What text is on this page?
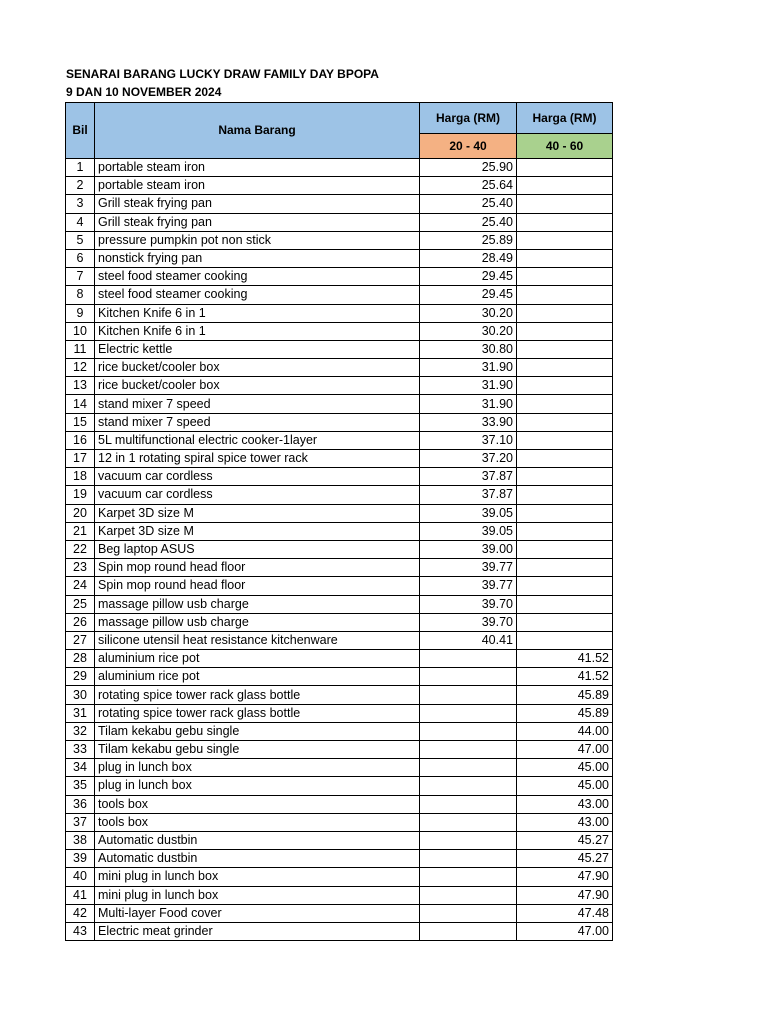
SENARAI BARANG LUCKY DRAW FAMILY DAY BPOPA
9 DAN 10 NOVEMBER 2024
Bil	Nama Barang	Harga (RM)	Harga (RM)
		20 - 40	40 - 60
1	portable steam iron	25.90	
2	portable steam iron	25.64	
3	Grill steak frying pan	25.40	
4	Grill steak frying pan	25.40	
5	pressure pumpkin pot non stick	25.89	
6	nonstick frying pan	28.49	
7	steel food steamer cooking	29.45	
8	steel food steamer cooking	29.45	
9	Kitchen Knife 6 in 1	30.20	
10	Kitchen Knife 6 in 1	30.20	
11	Electric kettle	30.80	
12	rice bucket/cooler box	31.90	
13	rice bucket/cooler box	31.90	
14	stand mixer 7 speed	31.90	
15	stand mixer 7 speed	33.90	
16	5L multifunctional electric cooker-1layer	37.10	
17	12 in 1 rotating spiral spice tower rack	37.20	
18	vacuum car cordless	37.87	
19	vacuum car cordless	37.87	
20	Karpet 3D size M	39.05	
21	Karpet 3D size M	39.05	
22	Beg laptop ASUS	39.00	
23	Spin mop round head floor	39.77	
24	Spin mop round head floor	39.77	
25	massage pillow usb charge	39.70	
26	massage pillow usb charge	39.70	
27	silicone utensil heat resistance kitchenware	40.41	
28	aluminium rice pot		41.52
29	aluminium rice pot		41.52
30	rotating spice tower rack glass bottle		45.89
31	rotating spice tower rack glass bottle		45.89
32	Tilam kekabu gebu single		44.00
33	Tilam kekabu gebu single		47.00
34	plug in lunch box		45.00
35	plug in lunch box		45.00
36	tools box		43.00
37	tools box		43.00
38	Automatic dustbin		45.27
39	Automatic dustbin		45.27
40	mini plug in lunch box		47.90
41	mini plug in lunch box		47.90
42	Multi-layer Food cover		47.48
43	Electric meat grinder		47.00
